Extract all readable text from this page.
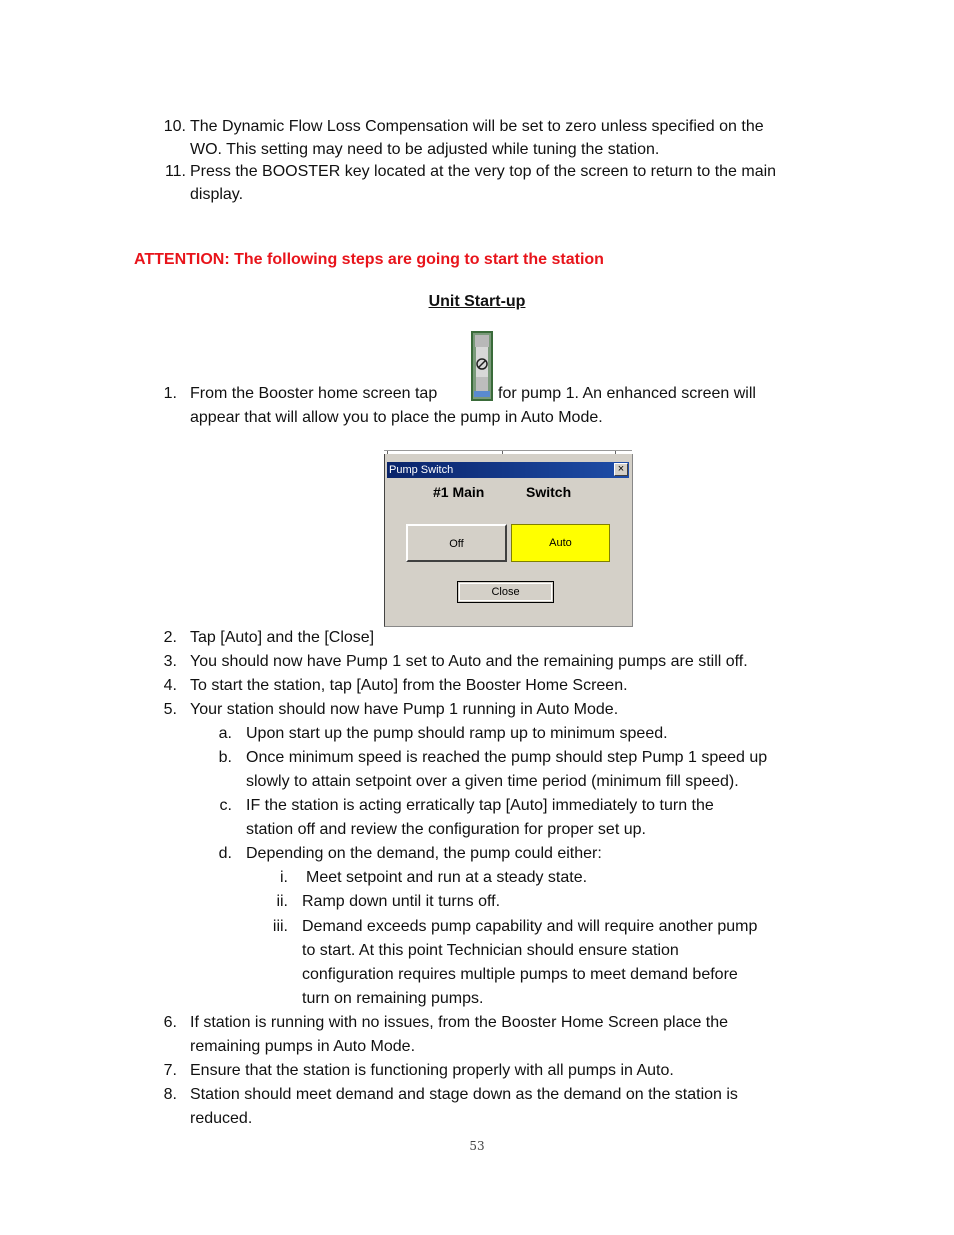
10. The Dynamic Flow Loss Compensation will be set to zero unless specified on the
WO. This setting may need to be adjusted while tuning the station.
11. Press the BOOSTER key located at the very top of the screen to return to the main
display.
ATTENTION: The following steps are going to start the station
Unit Start-up
1. From the Booster home screen tap	for pump 1. An enhanced screen will
appear that will allow you to place the pump in Auto Mode.
Pump Switch	×
#1 Main	Switch
Off	Auto
Close
2. Tap [Auto] and the [Close]
3. You should now have Pump 1 set to Auto and the remaining pumps are still off.
4. To start the station, tap [Auto] from the Booster Home Screen.
5. Your station should now have Pump 1 running in Auto Mode.
a. Upon start up the pump should ramp up to minimum speed.
b. Once minimum speed is reached the pump should step Pump 1 speed up
slowly to attain setpoint over a given time period (minimum fill speed).
c. IF the station is acting erratically tap [Auto] immediately to turn the
station off and review the configuration for proper set up.
d. Depending on the demand, the pump could either:
i. Meet setpoint and run at a steady state.
ii. Ramp down until it turns off.
iii. Demand exceeds pump capability and will require another pump
to start. At this point Technician should ensure station
configuration requires multiple pumps to meet demand before
turn on remaining pumps.
6. If station is running with no issues, from the Booster Home Screen place the
remaining pumps in Auto Mode.
7. Ensure that the station is functioning properly with all pumps in Auto.
8. Station should meet demand and stage down as the demand on the station is
reduced.
53
